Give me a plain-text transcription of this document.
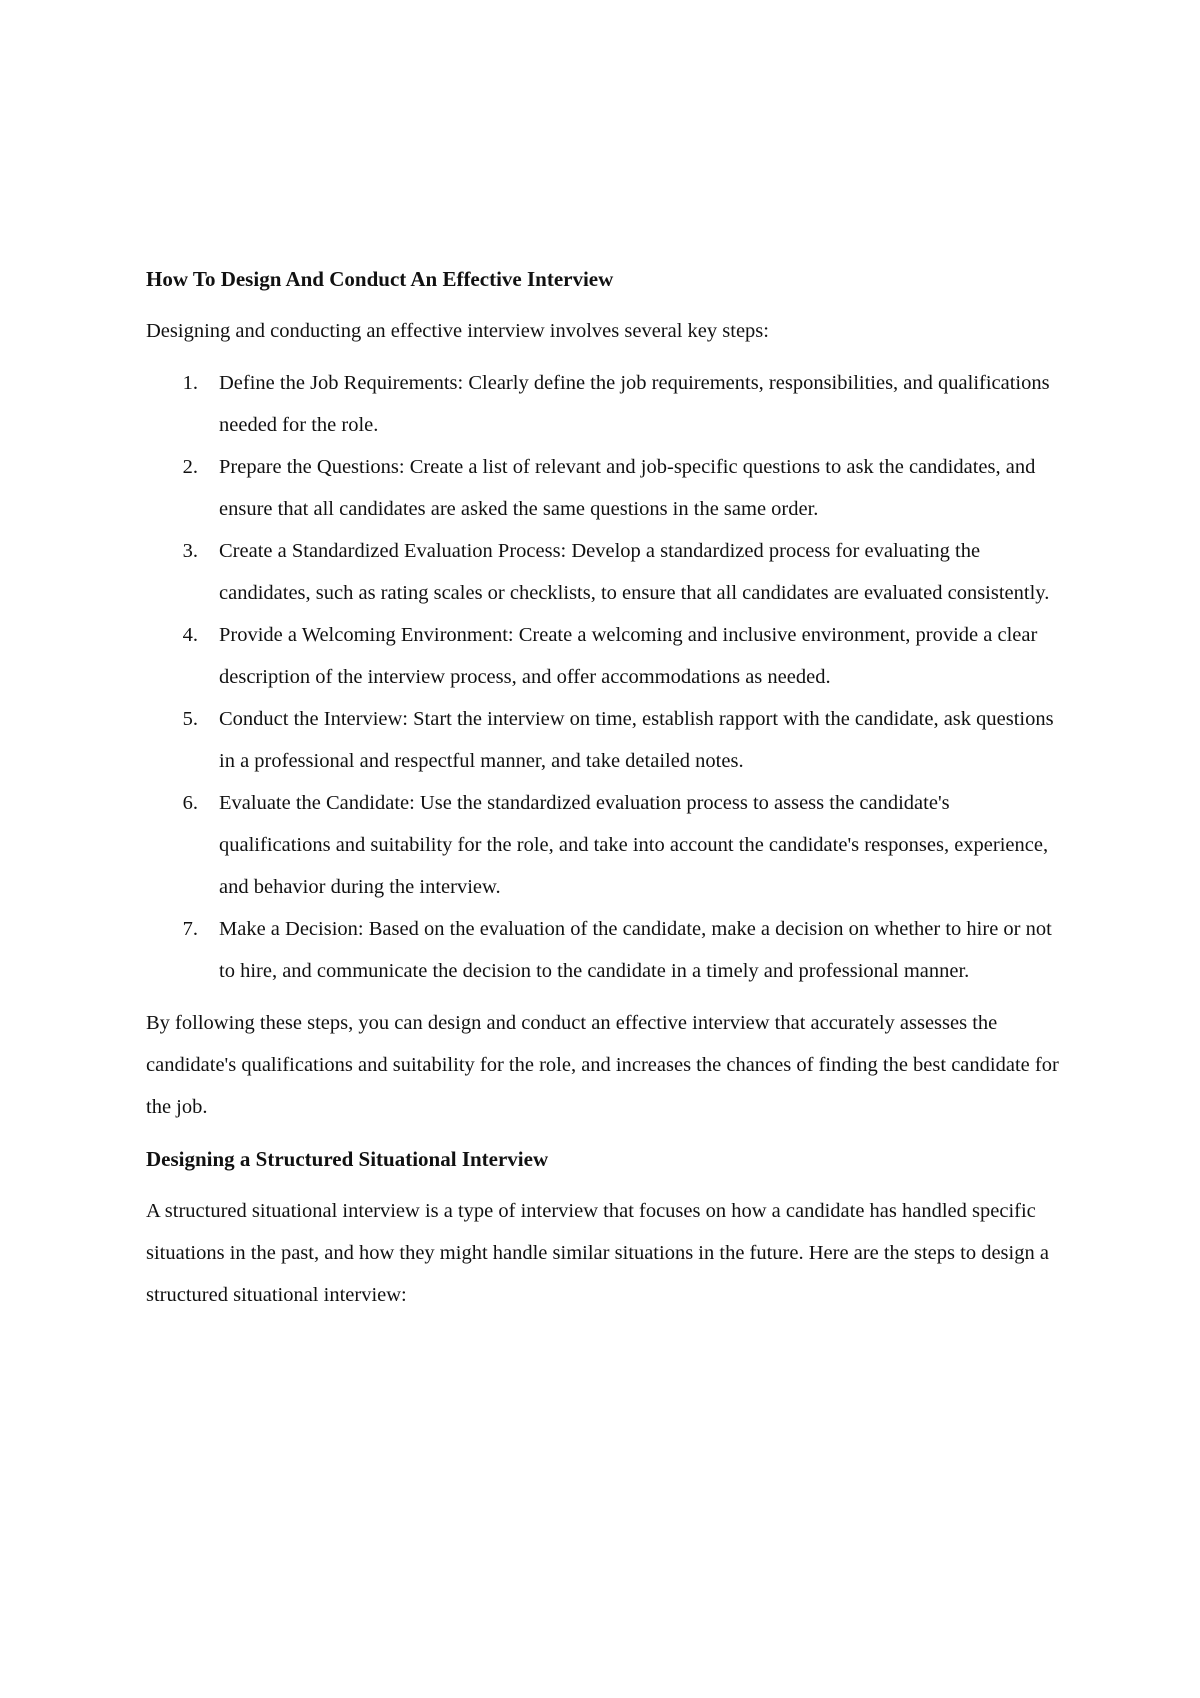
How To Design And Conduct An Effective Interview

Designing and conducting an effective interview involves several key steps:

1. Define the Job Requirements: Clearly define the job requirements, responsibilities, and qualifications needed for the role.
2. Prepare the Questions: Create a list of relevant and job-specific questions to ask the candidates, and ensure that all candidates are asked the same questions in the same order.
3. Create a Standardized Evaluation Process: Develop a standardized process for evaluating the candidates, such as rating scales or checklists, to ensure that all candidates are evaluated consistently.
4. Provide a Welcoming Environment: Create a welcoming and inclusive environment, provide a clear description of the interview process, and offer accommodations as needed.
5. Conduct the Interview: Start the interview on time, establish rapport with the candidate, ask questions in a professional and respectful manner, and take detailed notes.
6. Evaluate the Candidate: Use the standardized evaluation process to assess the candidate's qualifications and suitability for the role, and take into account the candidate's responses, experience, and behavior during the interview.
7. Make a Decision: Based on the evaluation of the candidate, make a decision on whether to hire or not to hire, and communicate the decision to the candidate in a timely and professional manner.

By following these steps, you can design and conduct an effective interview that accurately assesses the candidate's qualifications and suitability for the role, and increases the chances of finding the best candidate for the job.

Designing a Structured Situational Interview

A structured situational interview is a type of interview that focuses on how a candidate has handled specific situations in the past, and how they might handle similar situations in the future. Here are the steps to design a structured situational interview:
